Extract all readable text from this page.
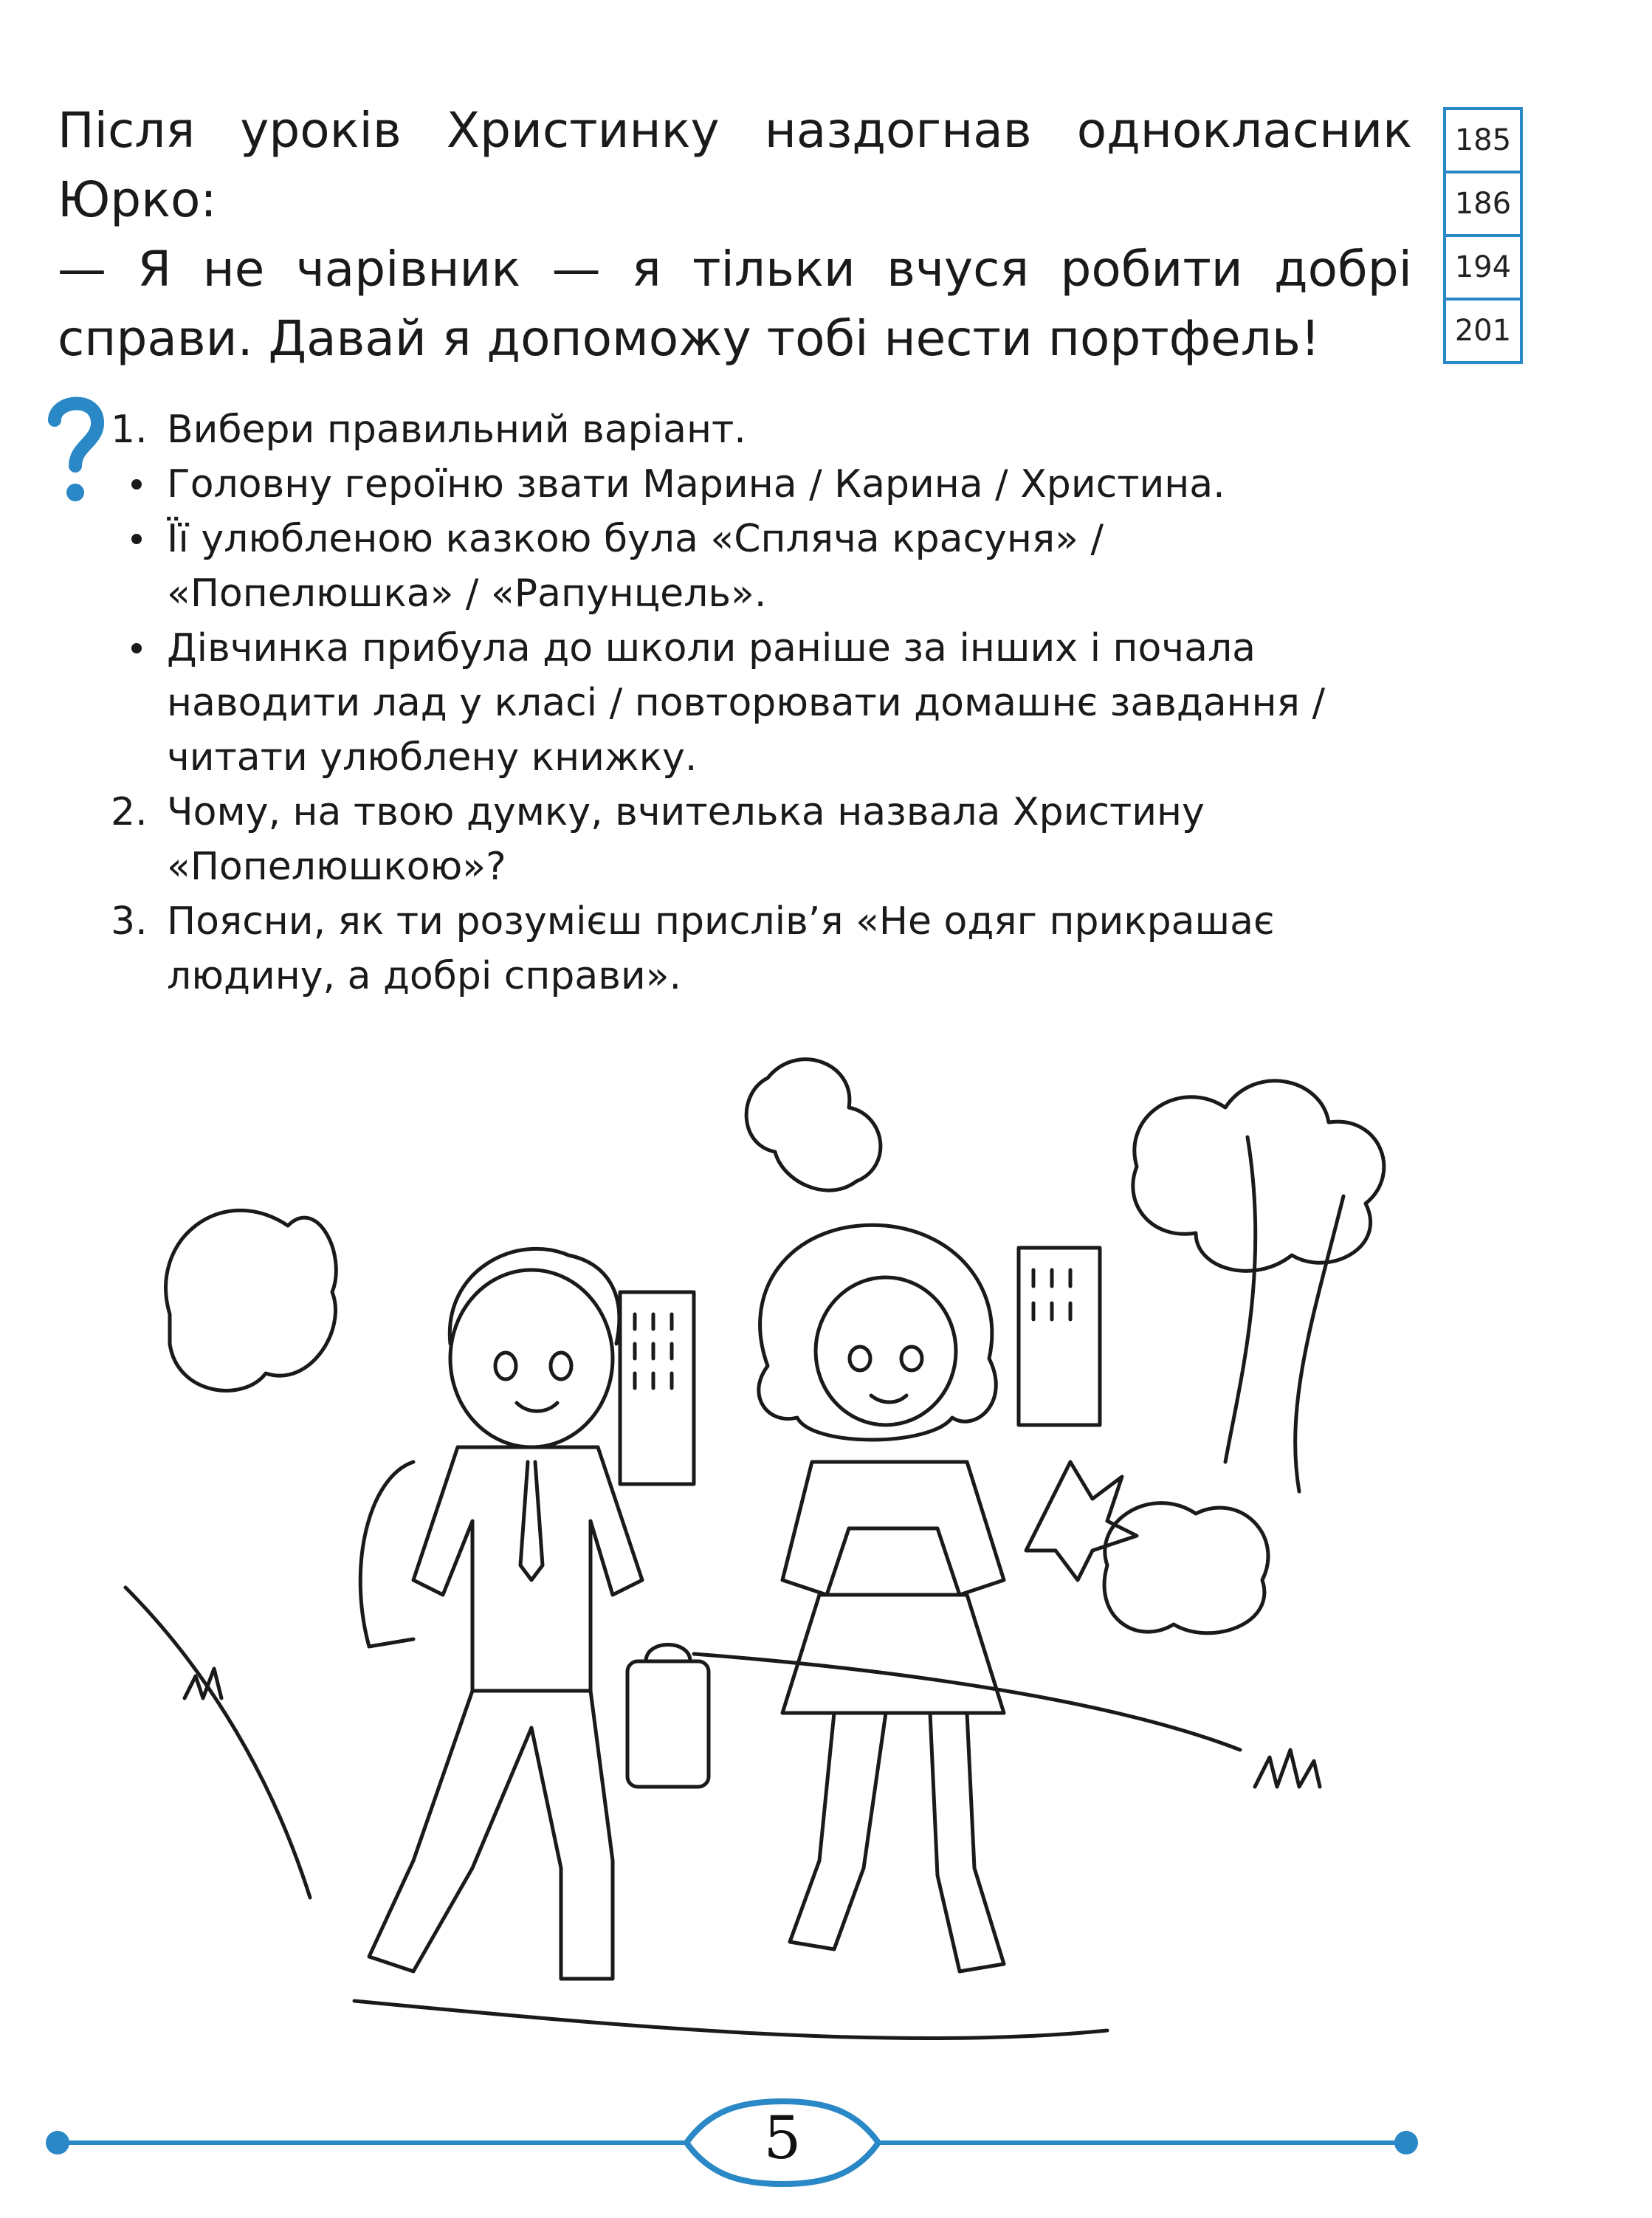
Після уроків Христинку наздогнав однокласник Юрко:

— Я не чарівник — я тільки вчуся робити добрі справи. Давай я допоможу тобі нести портфель!

185
186
194
201
1. Вибери правильний варіант.
Головну героїню звати Марина / Карина / Христина.
Її улюбленою казкою була «Спляча красуня» / «Попелюшка» / «Рапунцель».
Дівчинка прибула до школи раніше за інших і почала наводити лад у класі / повторювати домашнє завдання / читати улюблену книжку.
2. Чому, на твою думку, вчителька назвала Христину «Попелюшкою»?
3. Поясни, як ти розумієш прислів’я «Не одяг прикрашає людину, а добрі справи».
5
